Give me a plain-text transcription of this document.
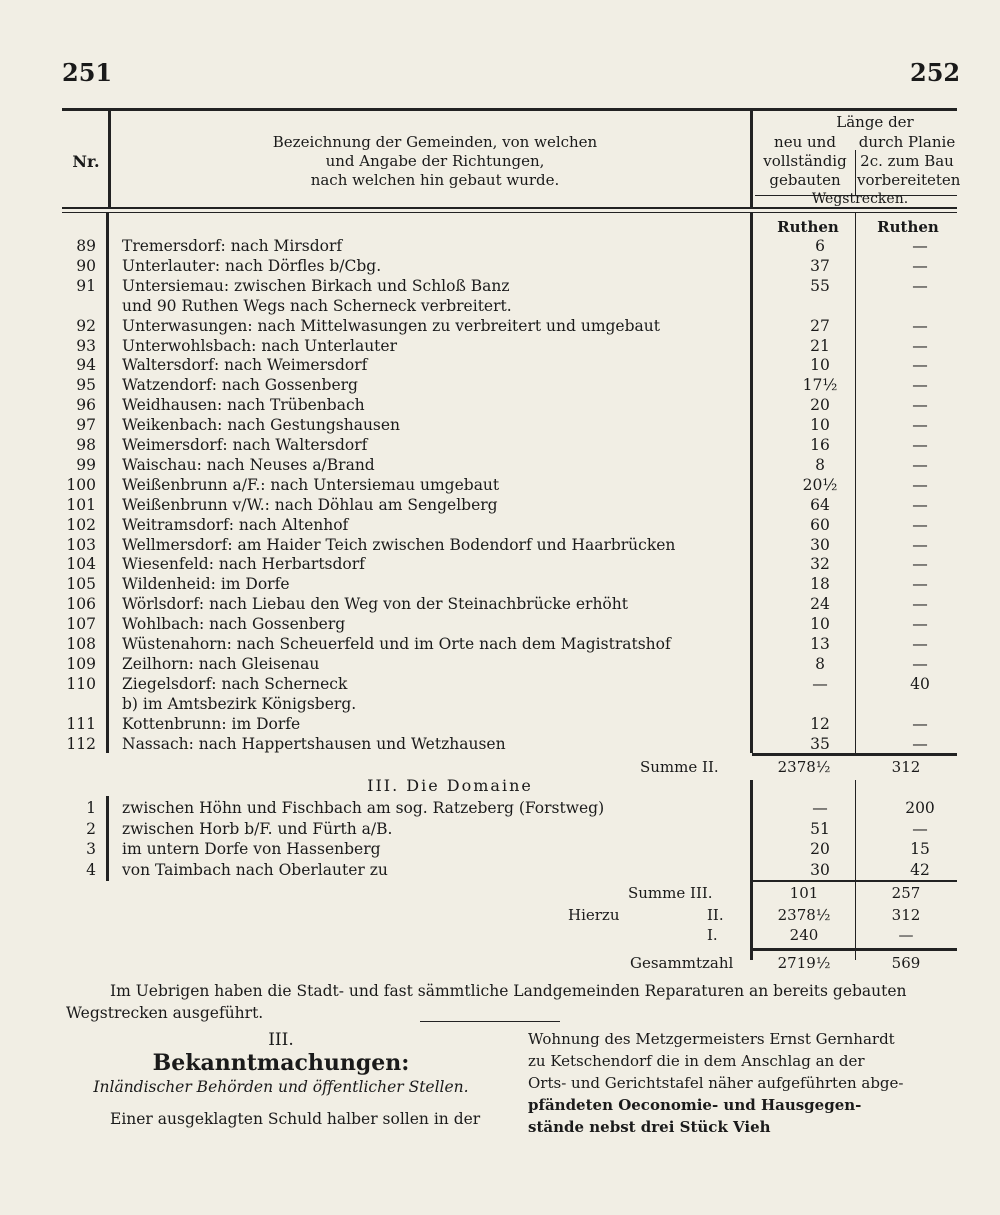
251	252
Nr.
Bezeichnung der Gemeinden, von welchen
und Angabe der Richtungen,
nach welchen hin gebaut wurde.
Länge der
neu und
vollständig
gebauten
durch Planie
2c. zum Bau
vorbereiteten
Wegstrecken.
Ruthen	Ruthen
89 Tremersdorf: nach Mirsdorf	6	—
90 Unterlauter: nach Dörfles b/Cbg.	37	—
91 Untersiemau: zwischen Birkach und Schloß Banz	55	—
und 90 Ruthen Wegs nach Scherneck verbreitert.
92 Unterwasungen: nach Mittelwasungen zu verbreitert und umgebaut	27	—
93 Unterwohlsbach: nach Unterlauter	21	—
94 Waltersdorf: nach Weimersdorf	10	—
95 Watzendorf: nach Gossenberg	17½	—
96 Weidhausen: nach Trübenbach	20	—
97 Weikenbach: nach Gestungshausen	10	—
98 Weimersdorf: nach Waltersdorf	16	—
99 Waischau: nach Neuses a/Brand	8	—
100 Weißenbrunn a/F.: nach Untersiemau umgebaut	20½	—
101 Weißenbrunn v/W.: nach Döhlau am Sengelberg	64	—
102 Weitramsdorf: nach Altenhof	60	—
103 Wellmersdorf: am Haider Teich zwischen Bodendorf und Haarbrücken	30	—
104 Wiesenfeld: nach Herbartsdorf	32	—
105 Wildenheid: im Dorfe	18	—
106 Wörlsdorf: nach Liebau den Weg von der Steinachbrücke erhöht	24	—
107 Wohlbach: nach Gossenberg	10	—
108 Wüstenahorn: nach Scheuerfeld und im Orte nach dem Magistratshof	13	—
109 Zeilhorn: nach Gleisenau	8	—
110 Ziegelsdorf: nach Scherneck	—	40
b) im Amtsbezirk Königsberg.
111 Kottenbrunn: im Dorfe	12	—
112 Nassach: nach Happertshausen und Wetzhausen	35	—
Summe II.	2378½	312
III. Die Domaine
1 zwischen Höhn und Fischbach am sog. Ratzeberg (Forstweg)	—	200
2 zwischen Horb b/F. und Fürth a/B.	51	—
3 im untern Dorfe von Hassenberg	20	15
4 von Taimbach nach Oberlauter zu	30	42
Summe III.	101	257
Hierzu	II.	2378½	312
I.	240	—
Gesammtzahl	2719½	569
Im Uebrigen haben die Stadt- und fast sämmtliche Landgemeinden Reparaturen an bereits gebauten Wegstrecken ausgeführt.
III.
Bekanntmachungen:
Inländischer Behörden und öffentlicher Stellen.
Einer ausgeklagten Schuld halber sollen in der
Wohnung des Metzgermeisters Ernst Gernhardt
zu Ketschendorf die in dem Anschlag an der
Orts- und Gerichtstafel näher aufgeführten abge-
pfändeten Oeconomie- und Hausgegen-
stände nebst drei Stück Vieh
